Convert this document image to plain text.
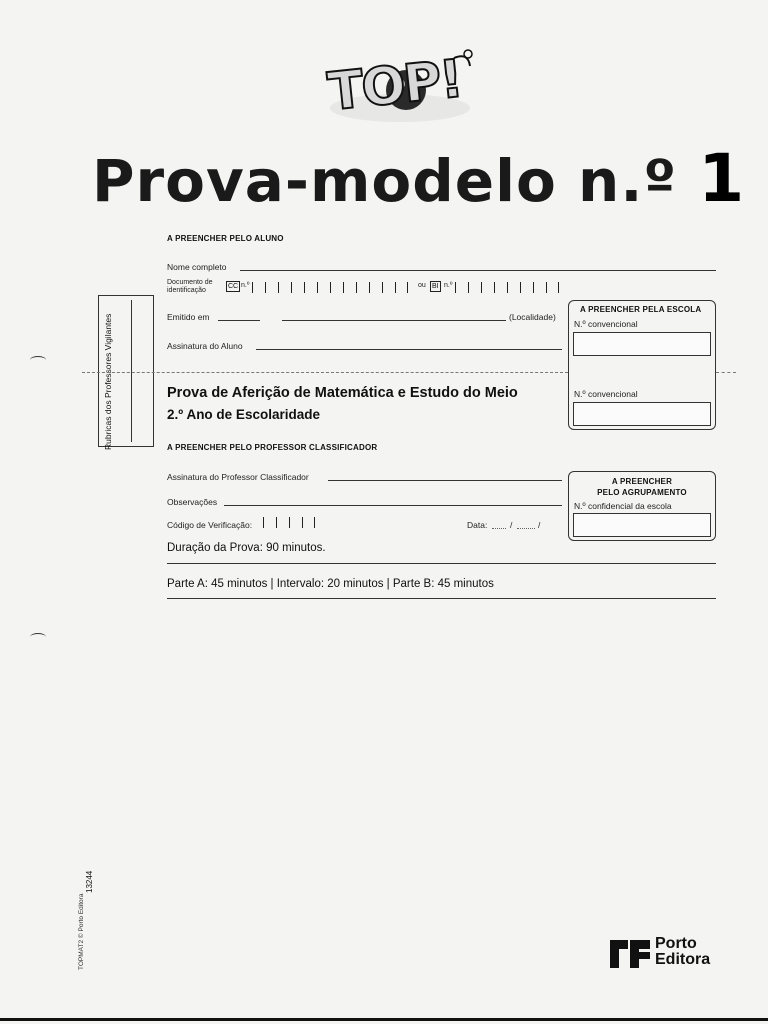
TOP!
Prova-modelo n.º 1
A PREENCHER PELO ALUNO
Nome completo
Documento de
identificação
CC n.º	ou BI n.º
Emitido em	(Localidade)
Assinatura do Aluno
Rubricas dos Professores Vigilantes
A PREENCHER PELA ESCOLA
N.º convencional
N.º convencional
Prova de Aferição de Matemática e Estudo do Meio
2.º Ano de Escolaridade
A PREENCHER PELO PROFESSOR CLASSIFICADOR
Assinatura do Professor Classificador
Observações
Código de Verificação:	Data:	/	/
A PREENCHER
PELO AGRUPAMENTO
N.º confidencial da escola
Duração da Prova: 90 minutos.
Parte A: 45 minutos | Intervalo: 20 minutos | Parte B: 45 minutos
13244
TOPMAT2 © Porto Editora	Porto
Editora
